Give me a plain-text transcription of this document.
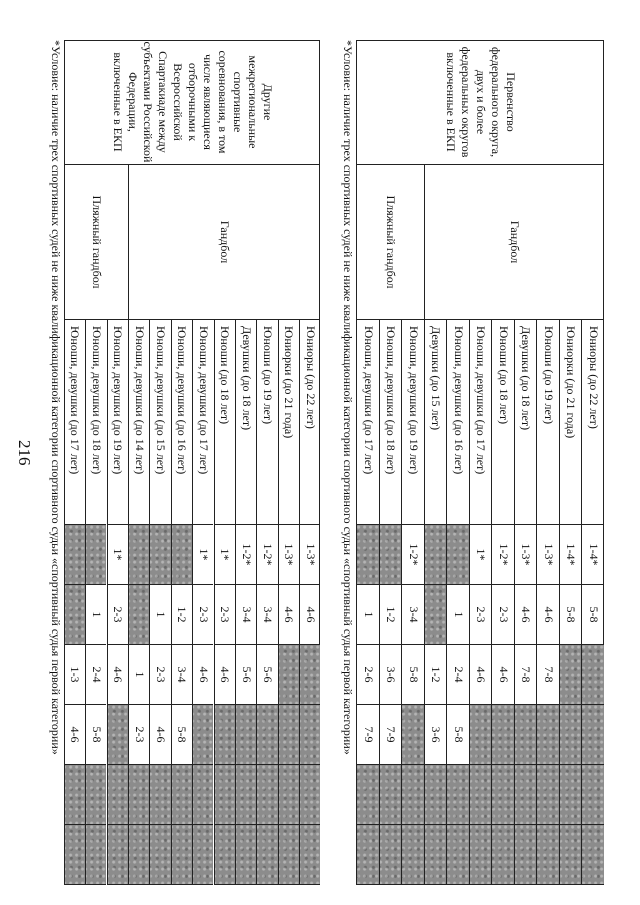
216
Первенство федерального округа, двух и более федеральных округов включенные в ЕКП
Гандбол
Юниоры (до 22 лет)
1-4*
5-8
Юниорки (до 21 года)
1-4*
5-8
Юноши (до 19 лет)
1-3*
4-6
7-8
Девушки (до 18 лет)
1-3*
4-6
7-8
Юноши (до 18 лет)
1-2*
2-3
4-6
Юноши, девушки (до 17 лет)
1*
2-3
4-6
Юноши, девушки (до 16 лет)
1
2-4
5-8
Девушки (до 15 лет)
1-2
3-6
Пляжный гандбол
Юноши, девушки (до 19 лет)
1-2*
3-4
5-8
Юноши, девушки (до 18 лет)
1-2
3-6
7-9
Юноши, девушки (до 17 лет)
1
2-6
7-9
*Условие: наличие трех спортивных судей не ниже квалификационной категории спортивного судьи «спортивный судья первой категории»
Другие межрегиональные спортивные соревнования, в том числе являющиеся отборочными к Всероссийской Спартакиаде между субъектами Российской Федерации, включенные в ЕКП
Гандбол
Юниоры (до 22 лет)
1-3*
4-6
Юниорки (до 21 года)
1-3*
4-6
Юноши (до 19 лет)
1-2*
3-4
5-6
Девушки (до 18 лет)
1-2*
3-4
5-6
Юноши (до 18 лет)
1*
2-3
4-6
Юноши, девушки (до 17 лет)
1*
2-3
4-6
Юноши, девушки (до 16 лет)
1-2
3-4
5-8
Юноши, девушки (до 15 лет)
1
2-3
4-6
Юноши, девушки (до 14 лет)
1
2-3
Пляжный гандбол
Юноши, девушки (до 19 лет)
1*
2-3
4-6
Юноши, девушки (до 18 лет)
1
2-4
5-8
Юноши, девушки (до 17 лет)
1-3
4-6
*Условие: наличие трех спортивных судей не ниже квалификационной категории спортивного судьи «спортивный судья первой категории»
